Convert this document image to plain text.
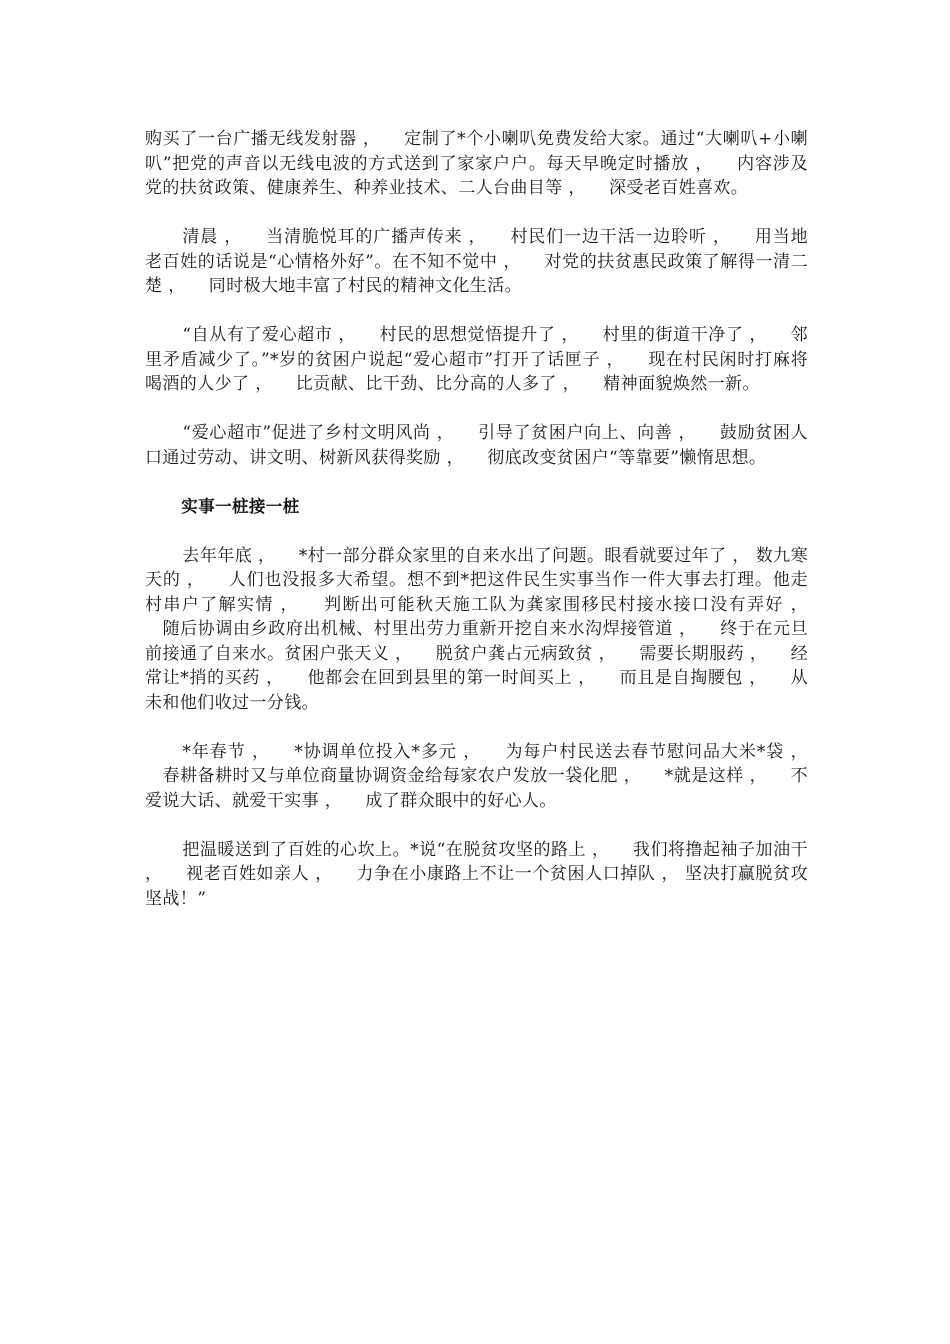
购买了一台广播无线发射器 ， 　定制了*个小喇叭免费发给大家。通过“大喇叭+小喇叭”把党的声音以无线电波的方式送到了家家户户。每天早晚定时播放 ， 　内容涉及党的扶贫政策、健康养生、种养业技术、二人台曲目等 ， 　深受老百姓喜欢。

清晨 ， 　当清脆悦耳的广播声传来 ， 　村民们一边干活一边聆听 ， 　用当地老百姓的话说是“心情格外好”。在不知不觉中 ， 　对党的扶贫惠民政策了解得一清二楚 ， 　同时极大地丰富了村民的精神文化生活。

“自从有了爱心超市 ， 　村民的思想觉悟提升了 ， 　村里的街道干净了 ， 　邻里矛盾减少了。”*岁的贫困户说起“爱心超市”打开了话匣子 ， 　现在村民闲时打麻将喝酒的人少了 ， 　比贡献、比干劲、比分高的人多了 ， 　精神面貌焕然一新。

“爱心超市”促进了乡村文明风尚 ， 　引导了贫困户向上、向善 ， 　鼓励贫困人口通过劳动、讲文明、树新风获得奖励 ， 　彻底改变贫困户“等靠要”懒惰思想。

实事一桩接一桩

去年年底 ， 　*村一部分群众家里的自来水出了问题。眼看就要过年了 ， 数九寒天的 ， 　人们也没报多大希望。想不到*把这件民生实事当作一件大事去打理。他走村串户了解实情 ， 　判断出可能秋天施工队为龚家围移民村接水接口没有弄好 ， 　随后协调由乡政府出机械、村里出劳力重新开挖自来水沟焊接管道 ， 　终于在元旦前接通了自来水。贫困户张天义 ， 　脱贫户龚占元病致贫 ， 　需要长期服药 ， 　经常让*捎的买药 ， 　他都会在回到县里的第一时间买上 ， 　而且是自掏腰包 ， 　从未和他们收过一分钱。

*年春节 ， 　*协调单位投入*多元 ， 　为每户村民送去春节慰问品大米*袋 ， 　春耕备耕时又与单位商量协调资金给每家农户发放一袋化肥 ， 　*就是这样 ， 　不爱说大话、就爱干实事 ， 　成了群众眼中的好心人。

把温暖送到了百姓的心坎上。*说“在脱贫攻坚的路上 ， 　我们将撸起袖子加油干 ， 　视老百姓如亲人 ， 　力争在小康路上不让一个贫困人口掉队 ， 坚决打赢脱贫攻坚战！”
